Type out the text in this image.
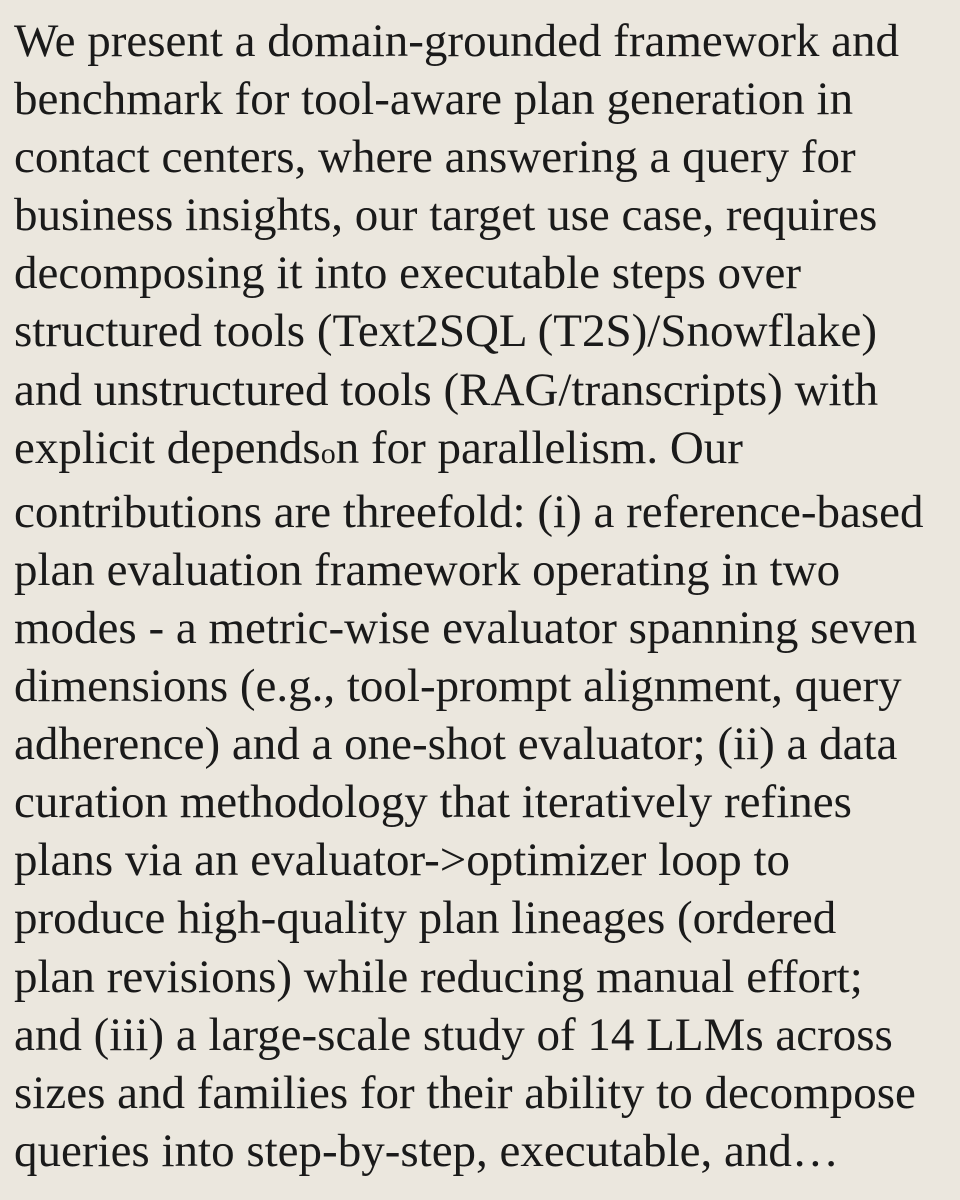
We present a domain-grounded framework and
benchmark for tool-aware plan generation in
contact centers, where answering a query for
business insights, our target use case, requires
decomposing it into executable steps over
structured tools (Text2SQL (T2S)/Snowflake)
and unstructured tools (RAG/transcripts) with
explicit dependson for parallelism. Our
contributions are threefold: (i) a reference-based
plan evaluation framework operating in two
modes - a metric-wise evaluator spanning seven
dimensions (e.g., tool-prompt alignment, query
adherence) and a one-shot evaluator; (ii) a data
curation methodology that iteratively refines
plans via an evaluator->optimizer loop to
produce high-quality plan lineages (ordered
plan revisions) while reducing manual effort;
and (iii) a large-scale study of 14 LLMs across
sizes and families for their ability to decompose
queries into step-by-step, executable, and…
